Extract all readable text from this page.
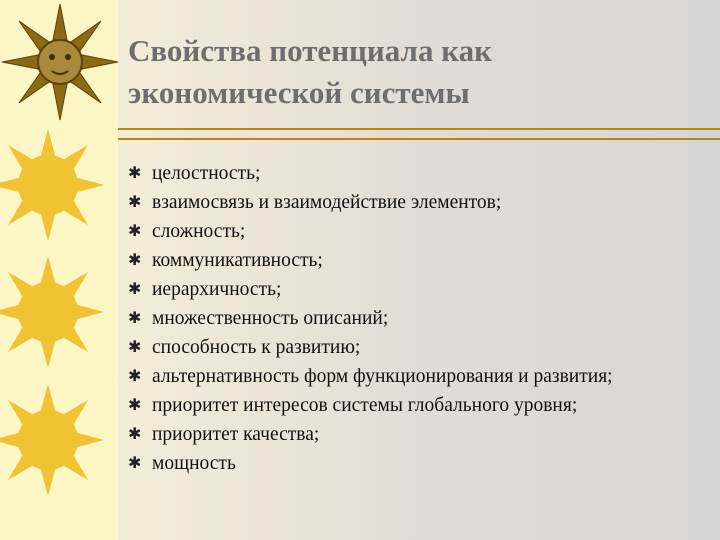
Свойства потенциала как
экономической системы
✱ целостность;
✱ взаимосвязь и взаимодействие элементов;
✱ сложность;
✱ коммуникативность;
✱ иерархичность;
✱ множественность описаний;
✱ способность к развитию;
✱ альтернативность форм функционирования и развития;
✱ приоритет интересов системы глобального уровня;
✱ приоритет качества;
✱ мощность
